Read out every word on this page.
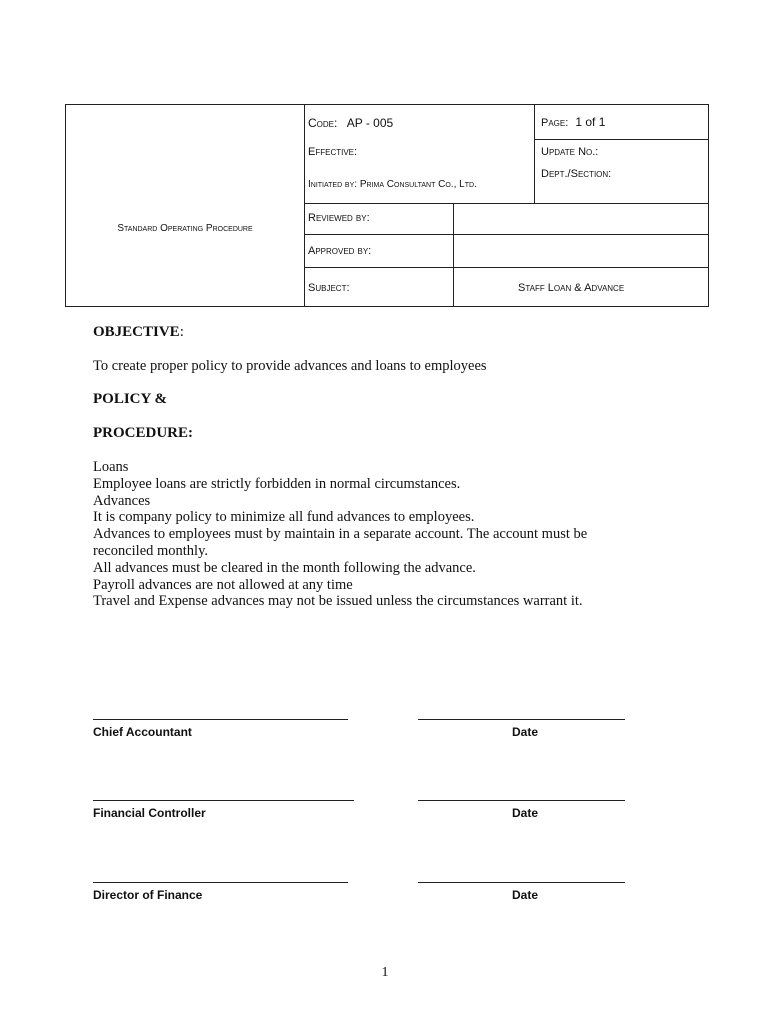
Standard Operating Procedure
Code: AP - 005	Page: 1 of 1
Effective:	Update No.:
Initiated by: Prima Consultant Co., Ltd.
Dept./Section:
Reviewed by:
Approved by:
Subject:	Staff Loan & Advance
OBJECTIVE:
To create proper policy to provide advances and loans to employees
POLICY &
PROCEDURE:
Loans
Employee loans are strictly forbidden in normal circumstances.
Advances
It is company policy to minimize all fund advances to employees.
Advances to employees must by maintain in a separate account. The account must be
reconciled monthly.
All advances must be cleared in the month following the advance.
Payroll advances are not allowed at any time
Travel and Expense advances may not be issued unless the circumstances warrant it.
Chief Accountant	Date
Financial Controller	Date
Director of Finance	Date
1
